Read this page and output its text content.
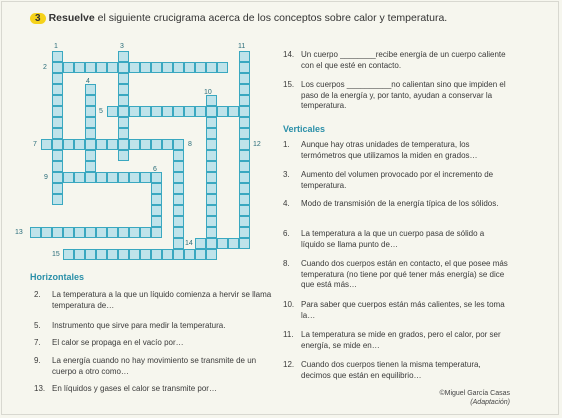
3 Resuelve el siguiente crucigrama acerca de los conceptos sobre calor y temperatura.
1	3	11
2
4
10
5
7	8	12
9
6
13
14
15
Horizontales
2.	La temperatura a la que un líquido comienza a hervir se llama temperatura de…
5.	Instrumento que sirve para medir la temperatura.
7.	El calor se propaga en el vacío por…
9.	La energía cuando no hay movimiento se transmite de un cuerpo a otro como…
13. En líquidos y gases el calor se transmite por…
14. Un cuerpo ________recibe energía de un cuerpo caliente con el que esté en contacto.
15. Los cuerpos __________no calientan sino que impiden el paso de la energía y, por tanto, ayudan a conservar la temperatura.
Verticales
1.	Aunque hay otras unidades de temperatura, los termómetros que utilizamos la miden en grados…
3.	Aumento del volumen provocado por el incremento de temperatura.
4.	Modo de transmisión de la energía típica de los sólidos.
6.	La temperatura a la que un cuerpo pasa de sólido a líquido se llama punto de…
8.	Cuando dos cuerpos están en contacto, el que posee más temperatura (no tiene por qué tener más energía) se dice que está más…
10. Para saber que cuerpos están más calientes, se les toma la…
11. La temperatura se mide en grados, pero el calor, por ser energía, se mide en…
12. Cuando dos cuerpos tienen la misma temperatura, decimos que están en equilibrio…
©Miguel García Casas
(Adaptación)
